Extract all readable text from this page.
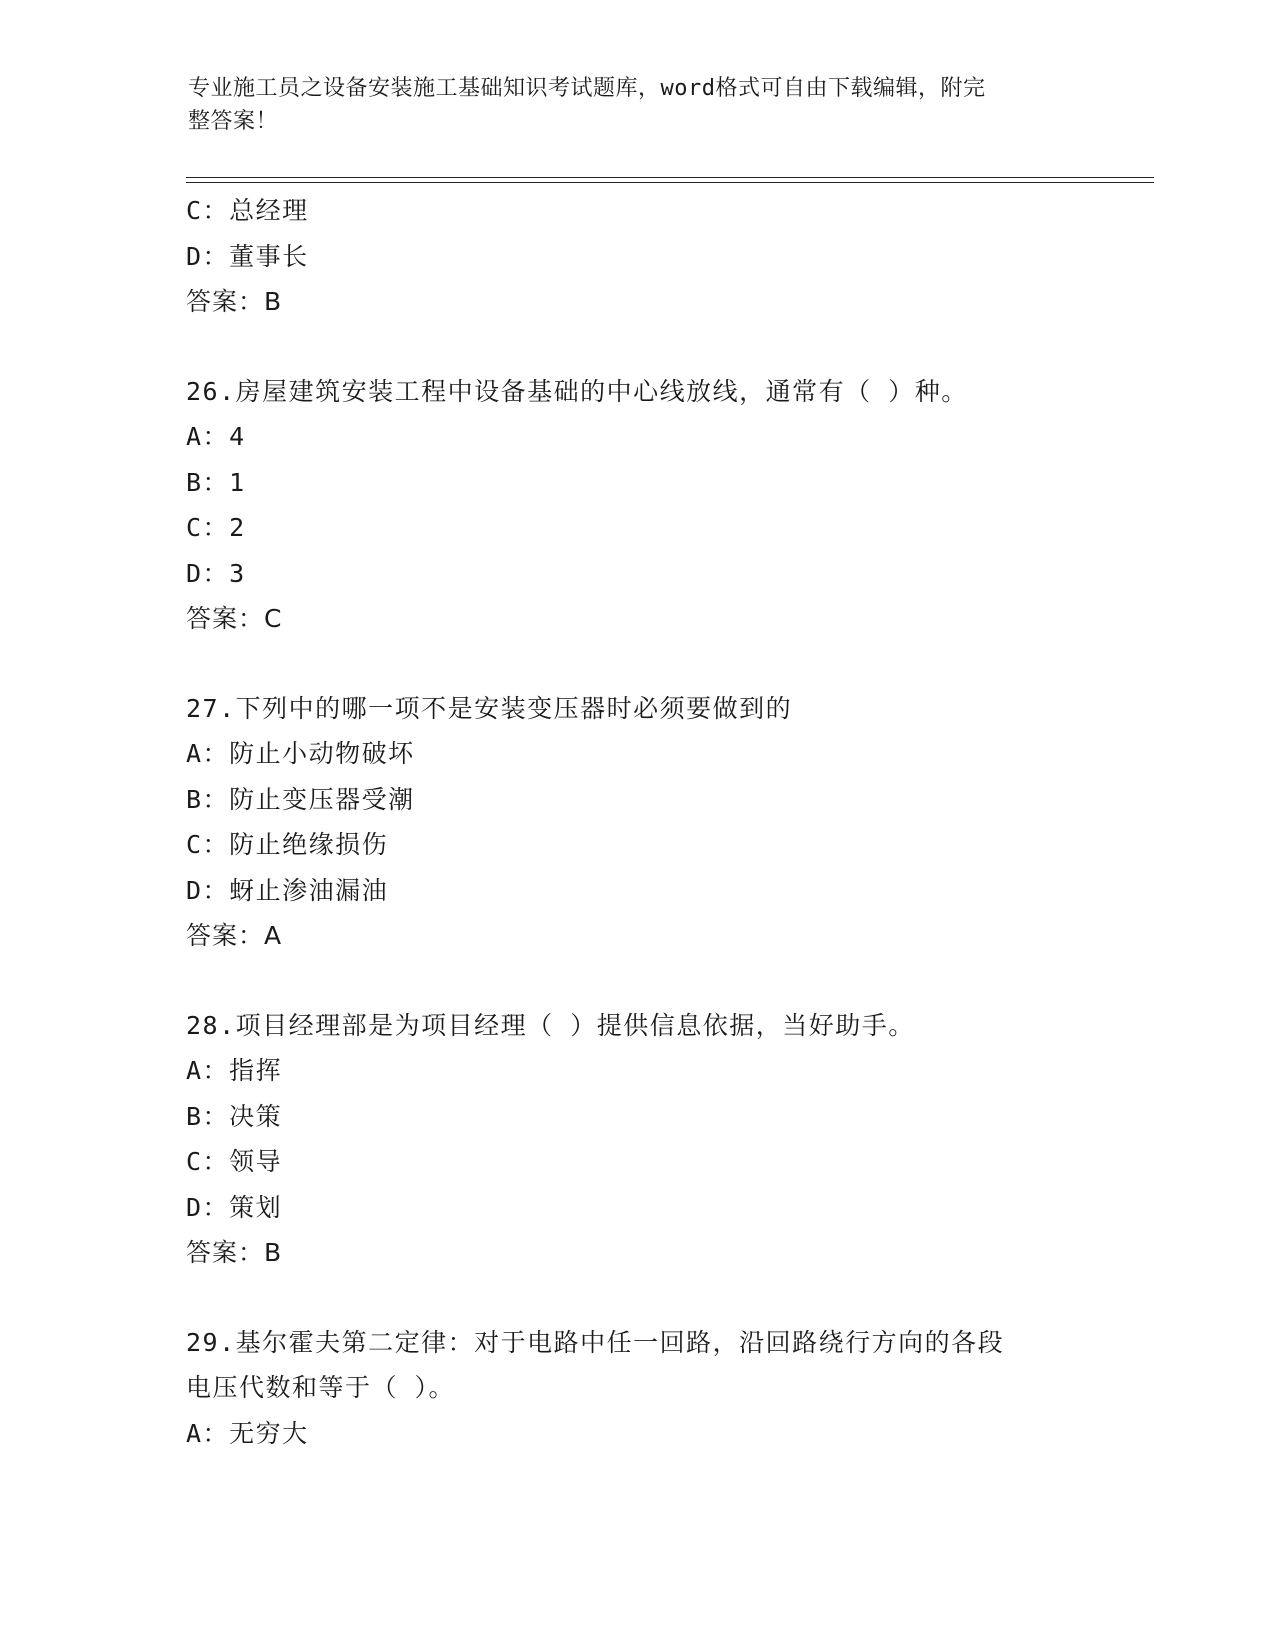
专业施工员之设备安装施工基础知识考试题库，word格式可自由下载编辑，附完
整答案！
C：总经理
D：董事长
答案：B
26.房屋建筑安装工程中设备基础的中心线放线，通常有（ ）种。
A：4
B：1
C：2
D：3
答案：C
27.下列中的哪一项不是安装变压器时必须要做到的
A：防止小动物破坏
B：防止变压器受潮
C：防止绝缘损伤
D：蚜止渗油漏油
答案：A
28.项目经理部是为项目经理（ ）提供信息依据，当好助手。
A：指挥
B：决策
C：领导
D：策划
答案：B
29.基尔霍夫第二定律：对于电路中任一回路，沿回路绕行方向的各段
电压代数和等于（ ）。
A：无穷大
